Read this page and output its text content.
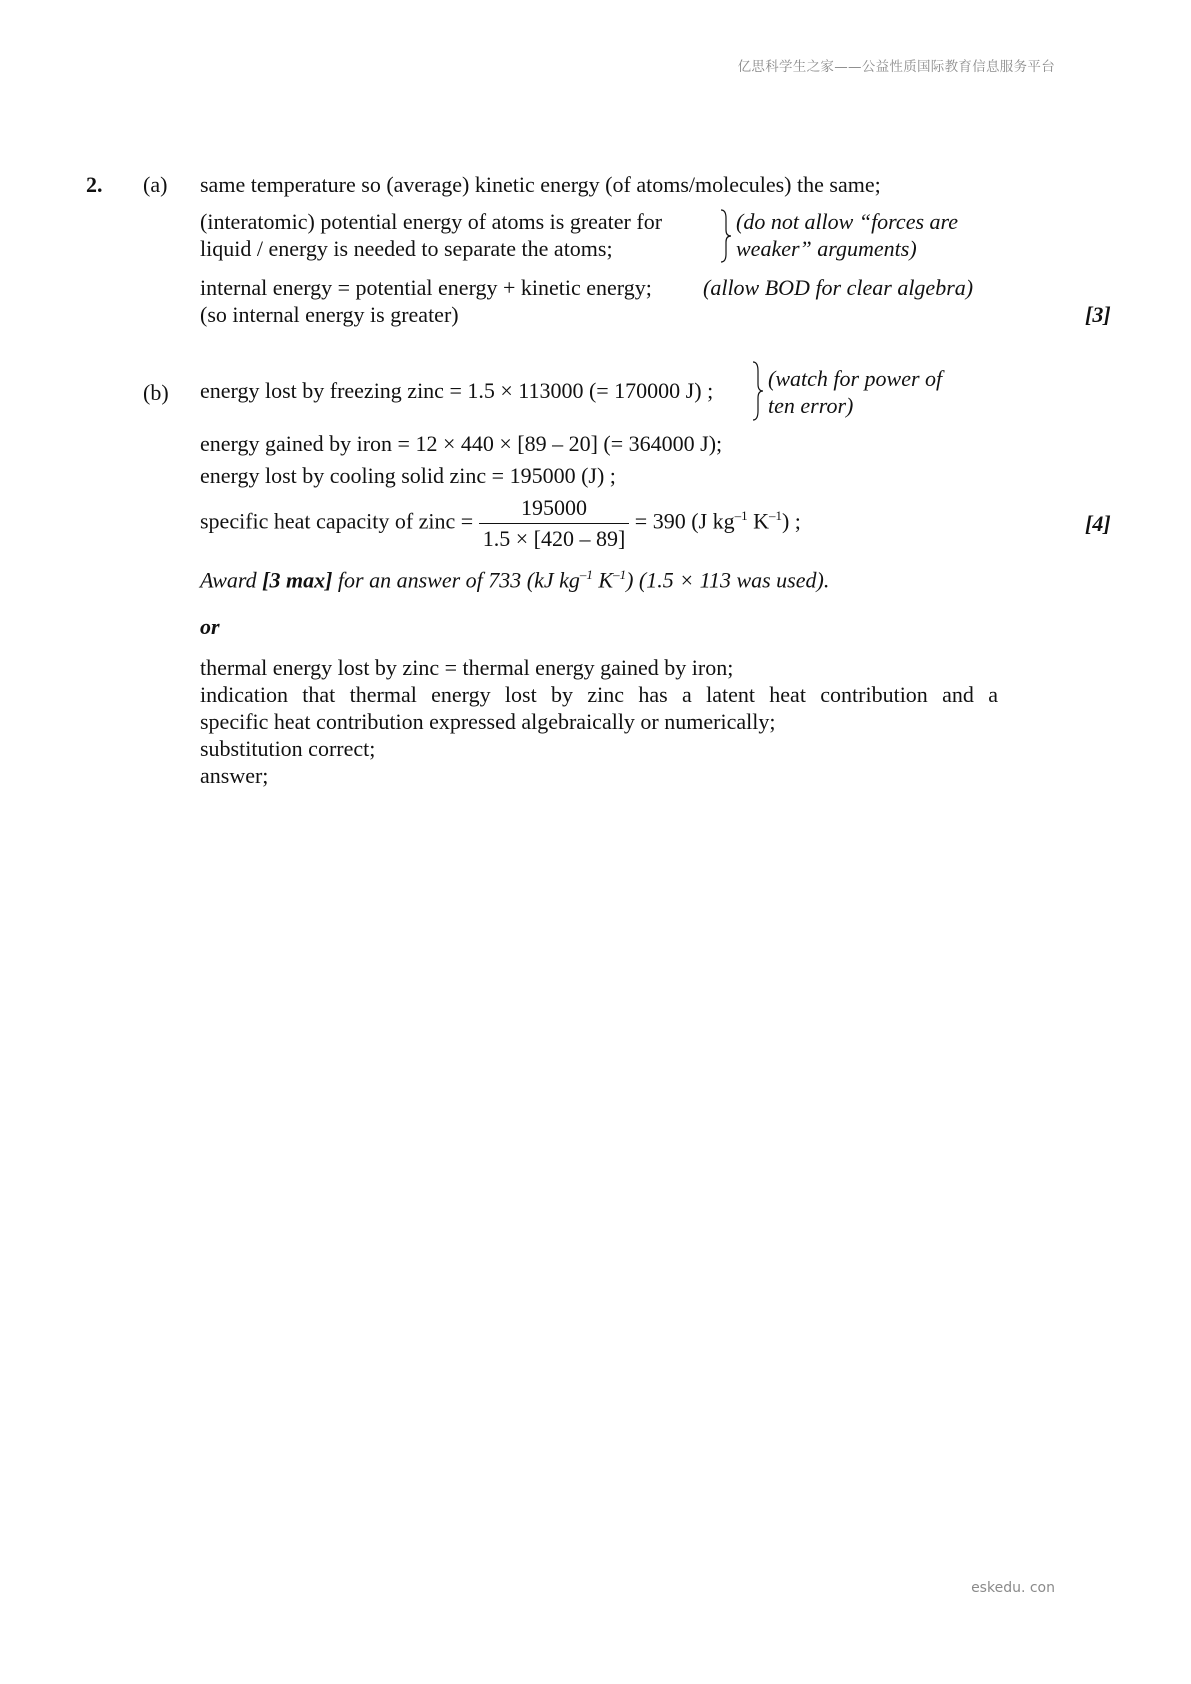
亿思科学生之家——公益性质国际教育信息服务平台
2. (a) same temperature so (average) kinetic energy (of atoms/molecules) the same;
(interatomic) potential energy of atoms is greater for
liquid / energy is needed to separate the atoms;
(do not allow “forces are
weaker” arguments)
internal energy = potential energy + kinetic energy; (allow BOD for clear algebra)
(so internal energy is greater)	[3]
(b) energy lost by freezing zinc = 1.5 × 113000 (= 170000 J) ; (watch for power of
ten error)
energy gained by iron = 12 × 440 × [89 – 20] (= 364000 J);
energy lost by cooling solid zinc = 195000 (J) ;
specific heat capacity of zinc = $\frac{195000}{1.5 \times [420 - 89]} = 390$ (J $kg^{-1}$ $K^{-1}$) ;	[4]
Award [3 max] for an answer of 733 (kJ $kg^{-1}$ $K^{-1}$) (1.5 × 113 was used).
or
thermal energy lost by zinc = thermal energy gained by iron;
indication that thermal energy lost by zinc has a latent heat contribution and a
specific heat contribution expressed algebraically or numerically;
substitution correct;
answer;
eskedu. con
